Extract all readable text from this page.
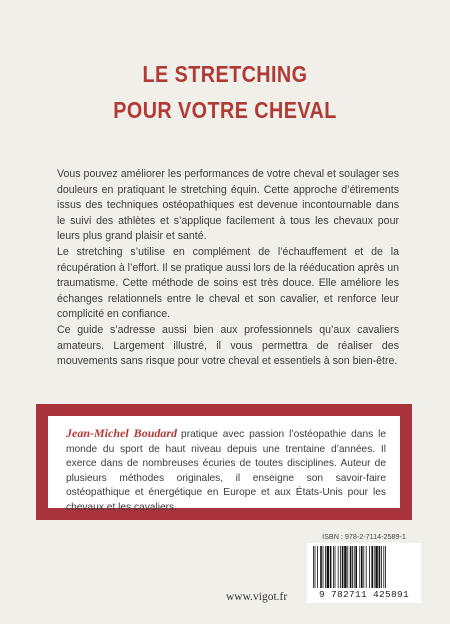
LE STRETCHING
POUR VOTRE CHEVAL

Vous pouvez améliorer les performances de votre cheval et soulager ses douleurs en pratiquant le stretching équin. Cette approche d’étirements issus des techniques ostéopathiques est devenue incontournable dans le suivi des athlètes et s’applique facilement à tous les chevaux pour leurs plus grand plaisir et santé.

Le stretching s’utilise en complément de l’échauffement et de la récupération à l’effort. Il se pratique aussi lors de la rééducation après un traumatisme. Cette méthode de soins est très douce. Elle améliore les échanges relationnels entre le cheval et son cavalier, et renforce leur complicité en confiance.

Ce guide s’adresse aussi bien aux professionnels qu’aux cavaliers amateurs. Largement illustré, il vous permettra de réaliser des mouvements sans risque pour votre cheval et essentiels à son bien-être.

Jean-Michel Boudard pratique avec passion l’ostéopathie dans le monde du sport de haut niveau depuis une trentaine d’années. Il exerce dans de nombreuses écuries de toutes disciplines. Auteur de plusieurs méthodes originales, il enseigne son savoir-faire ostéopathique et énergétique en Europe et aux États-Unis pour les chevaux et les cavaliers.
ISBN : 978-2-7114-2589-1
9 782711 425891
www.vigot.fr
